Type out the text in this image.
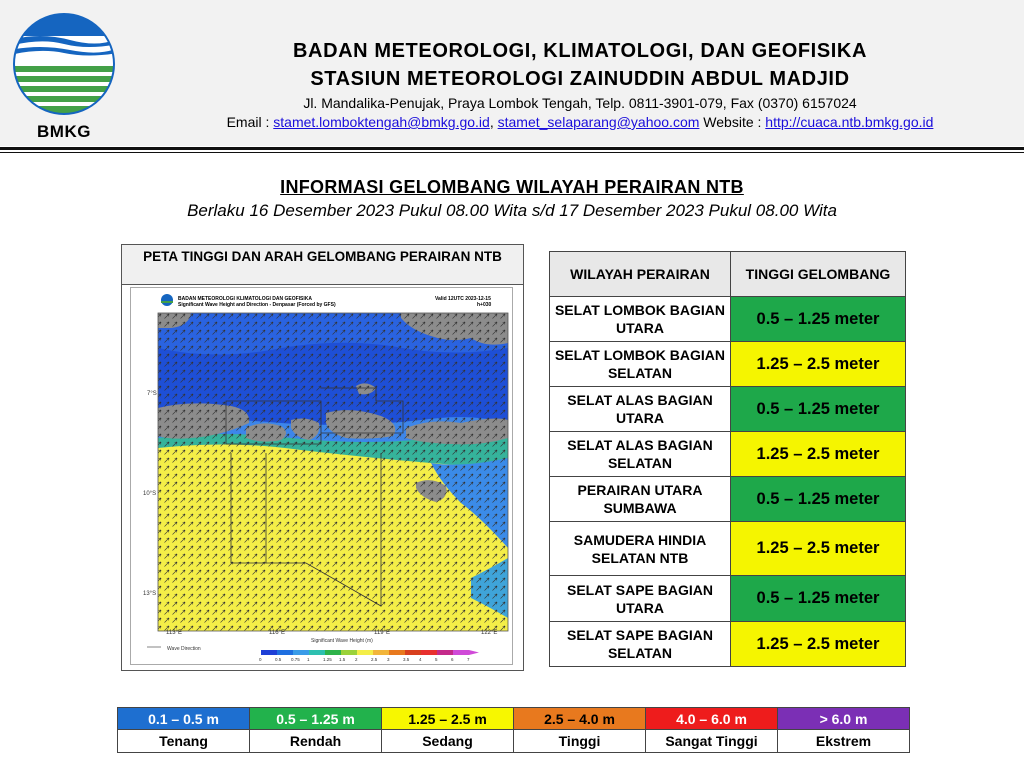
BMKG
BADAN METEOROLOGI, KLIMATOLOGI, DAN GEOFISIKA
STASIUN METEOROLOGI ZAINUDDIN ABDUL MADJID
Jl. Mandalika-Penujak, Praya Lombok Tengah, Telp. 0811-3901-079, Fax (0370) 6157024
Email : stamet.lomboktengah@bmkg.go.id, stamet_selaparang@yahoo.com Website : http://cuaca.ntb.bmkg.go.id
INFORMASI GELOMBANG WILAYAH PERAIRAN NTB
Berlaku 16 Desember 2023 Pukul 08.00 Wita s/d 17 Desember 2023 Pukul 08.00 Wita
PETA TINGGI DAN ARAH GELOMBANG PERAIRAN NTB
BADAN METEOROLOGI KLIMATOLOGI DAN GEOFISIKA
Significant Wave Height and Direction - Denpasar (Forced by GFS)
Valid 12UTC 2023-12-15
h+030
7°S
10°S
13°S
113°E	116°E	119°E	122°E
Wave Direction
Significant Wave Height (m)
0	0.5 0.75 1	1.25 1.5 2	2.5 3	3.5 4	5	6	7
WILAYAH PERAIRAN	TINGGI GELOMBANG
SELAT LOMBOK BAGIAN UTARA	0.5 – 1.25 meter
SELAT LOMBOK BAGIAN SELATAN	1.25 – 2.5 meter
SELAT ALAS BAGIAN UTARA	0.5 – 1.25 meter
SELAT ALAS BAGIAN SELATAN	1.25 – 2.5 meter
PERAIRAN UTARA SUMBAWA	0.5 – 1.25 meter
SAMUDERA HINDIA SELATAN NTB	1.25 – 2.5 meter
SELAT SAPE BAGIAN UTARA	0.5 – 1.25 meter
SELAT SAPE BAGIAN SELATAN	1.25 – 2.5 meter
0.1 – 0.5 m	0.5 – 1.25 m	1.25 – 2.5 m	2.5 – 4.0 m	4.0 – 6.0 m	> 6.0 m
Tenang	Rendah	Sedang	Tinggi	Sangat Tinggi	Ekstrem
